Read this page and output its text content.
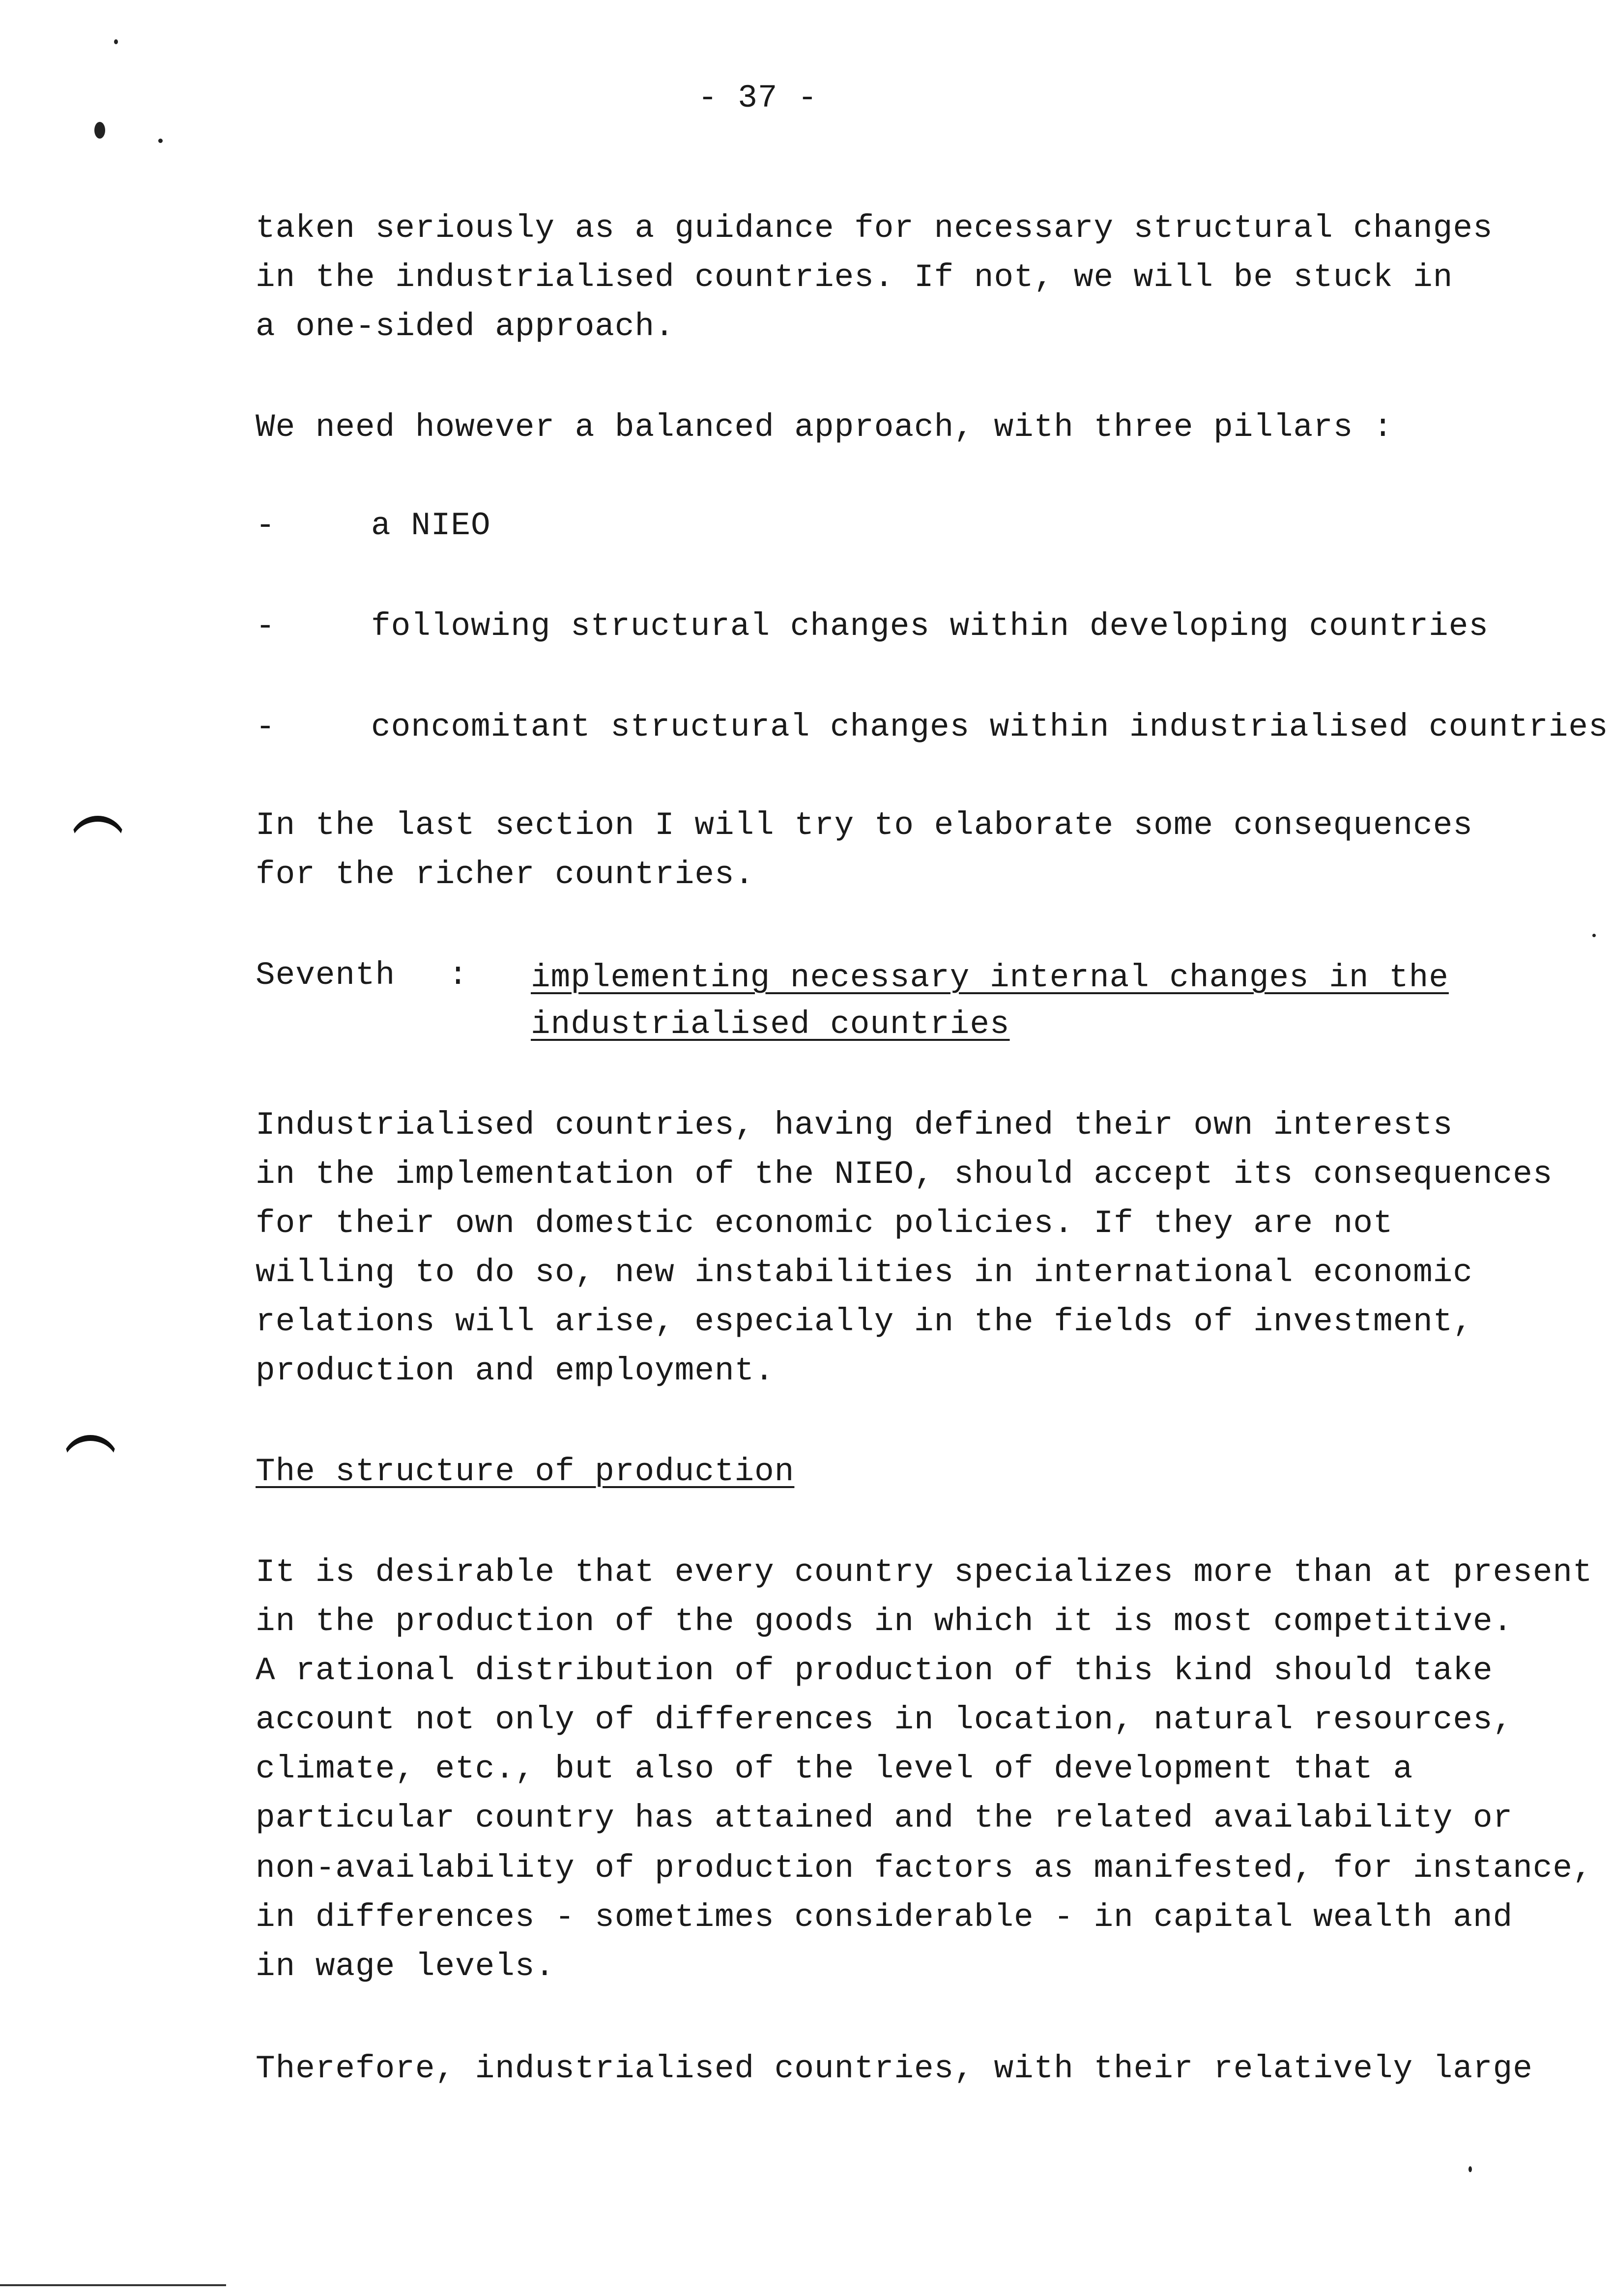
- 37 -
taken seriously as a guidance for necessary structural changes
in the industrialised countries. If not, we will be stuck in
a one-sided approach.
We need however a balanced approach, with three pillars :
-	a NIEO
-	following structural changes within developing countries
-	concomitant structural changes within industrialised countries
In the last section I will try to elaborate some consequences
for the richer countries.
Seventh : implementing necessary internal changes in the
industrialised countries
Industrialised countries, having defined their own interests
in the implementation of the NIEO, should accept its consequences
for their own domestic economic policies. If they are not
willing to do so, new instabilities in international economic
relations will arise, especially in the fields of investment,
production and employment.
The structure of production
It is desirable that every country specializes more than at present
in the production of the goods in which it is most competitive.
A rational distribution of production of this kind should take
account not only of differences in location, natural resources,
climate, etc., but also of the level of development that a
particular country has attained and the related availability or
non-availability of production factors as manifested, for instance,
in differences - sometimes considerable - in capital wealth and
in wage levels.
Therefore, industrialised countries, with their relatively large
